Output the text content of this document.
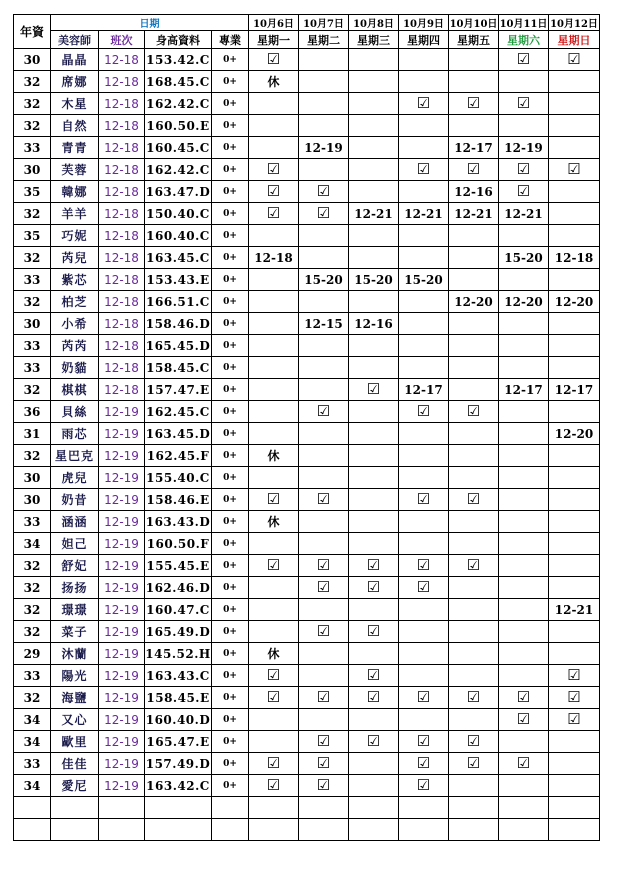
年資	日期				10月6日	10月7日	10月8日	10月9日	10月10日	10月11日	10月12日
	美容師	班次	身高資料	專業	星期一	星期二	星期三	星期四	星期五	星期六	星期日
30	晶晶	12-18	153.42.C	0+	☑					☑	☑
32	席娜	12-18	168.45.C	0+	休						
32	木星	12-18	162.42.C	0+				☑	☑	☑	
32	自然	12-18	160.50.E	0+							
33	青青	12-18	160.45.C	0+		12-19			12-17	12-19	
30	芙蓉	12-18	162.42.C	0+	☑			☑	☑	☑	☑
35	韓娜	12-18	163.47.D	0+	☑	☑			12-16	☑	
32	羊羊	12-18	150.40.C	0+	☑	☑	12-21	12-21	12-21	12-21	
35	巧妮	12-18	160.40.C	0+							
32	芮兒	12-18	163.45.C	0+	12-18					15-20	12-18
33	紫芯	12-18	153.43.E	0+		15-20	15-20	15-20			
32	柏芝	12-18	166.51.C	0+					12-20	12-20	12-20
30	小希	12-18	158.46.D	0+		12-15	12-16				
33	芮芮	12-18	165.45.D	0+							
33	奶貓	12-18	158.45.C	0+							
32	棋棋	12-18	157.47.E	0+			☑	12-17		12-17	12-17
36	貝絲	12-19	162.45.C	0+		☑		☑	☑		
31	雨芯	12-19	163.45.D	0+							12-20
32	星巴克	12-19	162.45.F	0+	休						
30	虎兒	12-19	155.40.C	0+							
30	奶昔	12-19	158.46.E	0+	☑	☑		☑	☑		
33	涵涵	12-19	163.43.D	0+	休						
34	妲己	12-19	160.50.F	0+							
32	舒妃	12-19	155.45.E	0+	☑	☑	☑	☑	☑		
32	扬扬	12-19	162.46.D	0+		☑	☑	☑			
32	璟璟	12-19	160.47.C	0+							12-21
32	菜子	12-19	165.49.D	0+		☑	☑				
29	沐蘭	12-19	145.52.H	0+	休						
33	陽光	12-19	163.43.C	0+	☑		☑				☑
32	海鹽	12-19	158.45.E	0+	☑	☑	☑	☑	☑	☑	☑
34	又心	12-19	160.40.D	0+						☑	☑
34	歐里	12-19	165.47.E	0+		☑	☑	☑	☑		
33	佳佳	12-19	157.49.D	0+	☑	☑		☑	☑	☑	
34	愛尼	12-19	163.42.C	0+	☑	☑		☑			
